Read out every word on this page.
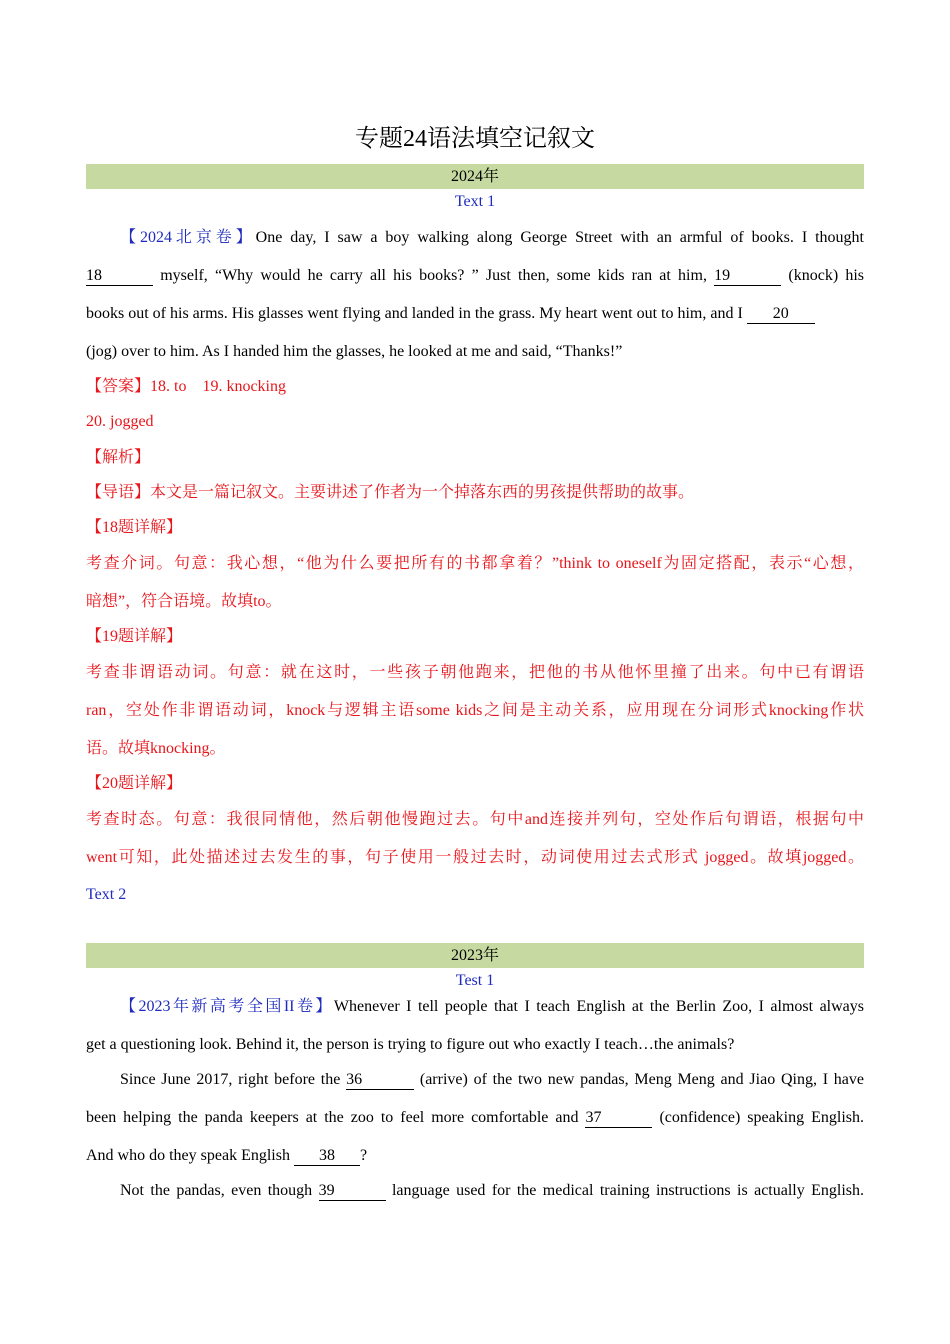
专题24语法填空记叙文
2024年
Text 1
【2024北京卷】One day, I saw a boy walking along George Street with an armful of books. I thought
18	myself, “Why would he carry all his books? ” Just then, some kids ran at him, 19	(knock) his
books out of his arms. His glasses went flying and landed in the grass. My heart went out to him, and I 20
(jog) over to him. As I handed him the glasses, he looked at me and said, “Thanks!”
【答案】18. to　19. knocking
20. jogged
【解析】
【导语】本文是一篇记叙文。主要讲述了作者为一个掉落东西的男孩提供帮助的故事。
【18题详解】
考查介词。句意：我心想，“他为什么要把所有的书都拿着？”think to oneself为固定搭配，表示“心想，
暗想”，符合语境。故填to。
【19题详解】
考查非谓语动词。句意：就在这时，一些孩子朝他跑来，把他的书从他怀里撞了出来。句中已有谓语
ran，空处作非谓语动词，knock与逻辑主语some kids之间是主动关系，应用现在分词形式knocking作状
语。故填knocking。
【20题详解】
考查时态。句意：我很同情他，然后朝他慢跑过去。句中and连接并列句，空处作后句谓语，根据句中
went可知，此处描述过去发生的事，句子使用一般过去时，动词使用过去式形式 jogged。故填jogged。
Text 2
2023年
Test 1
【2023年新高考全国II卷】Whenever I tell people that I teach English at the Berlin Zoo, I almost always
get a questioning look. Behind it, the person is trying to figure out who exactly I teach…the animals?
Since June 2017, right before the 36	(arrive) of the two new pandas, Meng Meng and Jiao Qing, I have
been helping the panda keepers at the zoo to feel more comfortable and 37	(confidence) speaking English.
And who do they speak English 38 ?
Not the pandas, even though 39	language used for the medical training instructions is actually English.
